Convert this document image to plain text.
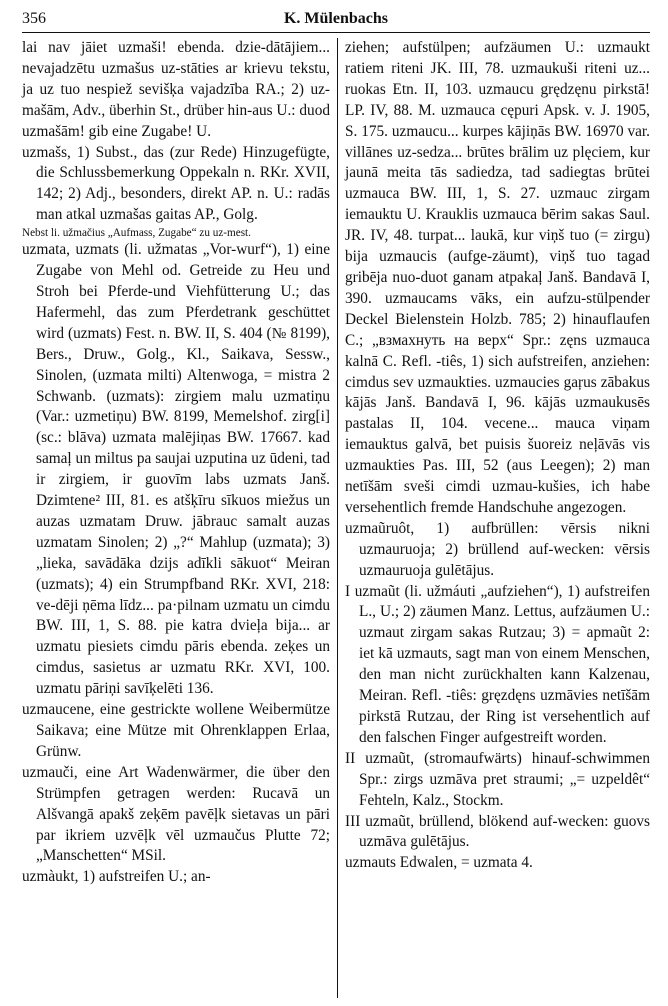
356	K. Mülenbachs

lai nav jāiet uzmaši! ebenda. dzie-dātājiem... nevajadzētu uzmašus uz-stāties ar krievu tekstu, ja uz tuo nespiež sevišķa vajadzība RA.; 2) uz-mašām, Adv., überhin St., drüber hin-aus U.: duod uzmašām! gib eine Zugabe! U.

uzmašs, 1) Subst., das (zur Rede) Hinzugefügte, die Schlussbemerkung Oppekaln n. RKr. XVII, 142; 2) Adj., besonders, direkt AP. n. U.: radās man atkal uzmašas gaitas AP., Golg.

Nebst li. užmačius „Aufmass, Zugabe“ zu uz-mest.

uzmata, uzmats (li. užmatas „Vor-wurf“), 1) eine Zugabe von Mehl od. Getreide zu Heu und Stroh bei Pferde-und Viehfütterung U.; das Hafermehl, das zum Pferdetrank geschüttet wird (uzmats) Fest. n. BW. II, S. 404 (№ 8199), Bers., Druw., Golg., Kl., Saikava, Sessw., Sinolen, (uzmata milti) Altenwoga, = mistra 2 Schwanb. (uzmats): zirgiem malu uzmatiņu (Var.: uzmetiņu) BW. 8199, Memelshof. zirg[i] (sc.: blāva) uzmata malējiņas BW. 17667. kad samaļ un miltus pa saujai uzputina uz ūdeni, tad ir zirgiem, ir guovīm labs uzmats Janš. Dzimtene² III, 81. es atšķīru sīkuos miežus un auzas uzmatam Druw. jābrauc samalt auzas uzmatam Sinolen; 2) „?“ Mahlup (uzmata); 3) „lieka, savādāka dzijs adīkli sākuot“ Meiran (uzmats); 4) ein Strumpfband RKr. XVI, 218: ve-dēji ņēma līdz... pa·pilnam uzmatu un cimdu BW. III, 1, S. 88. pie katra dvieļa bija... ar uzmatu piesiets cimdu pāris ebenda. zeķes un cimdus, sasietus ar uzmatu RKr. XVI, 100. uzmatu pāriņi savīķelēti 136.

uzmaucene, eine gestrickte wollene Weibermütze Saikava; eine Mütze mit Ohrenklappen Erlaa, Grünw.

uzmauči, eine Art Wadenwärmer, die über den Strümpfen getragen werden: Rucavā un Alšvangā apakš zeķēm pavēļk sietavas un pāri par ikriem uzvēļk vēl uzmaučus Plutte 72; „Manschetten“ MSil.

uzmàukt, 1) aufstreifen U.; an-

ziehen; aufstülpen; aufzäumen U.: uzmaukt ratiem riteni JK. III, 78. uzmaukuši riteni uz... ruokas Etn. II, 103. uzmaucu grędzęnu pirkstā! LP. IV, 88. M. uzmauca cępuri Apsk. v. J. 1905, S. 175. uzmaucu... kurpes kājiņās BW. 16970 var. villānes uz-sedza... brūtes brālim uz plęciem, kur jaunā meita tās sadiedza, tad sadiegtas brūtei uzmauca BW. III, 1, S. 27. uzmauc zirgam iemauktu U. Krauklis uzmauca bērim sakas Saul. JR. IV, 48. turpat... laukā, kur viņš tuo (= zirgu) bija uzmaucis (aufge-zäumt), viņš tuo tagad gribēja nuo-duot ganam atpakaļ Janš. Bandavā I, 390. uzmaucams vāks, ein aufzu-stülpender Deckel Bielenstein Holzb. 785; 2) hinauflaufen C.; „взмахнуть на верх“ Spr.: zęns uzmauca kalnā C. Refl. -tiês, 1) sich aufstreifen, anziehen: cimdus sev uzmaukties. uzmaucies gaŗus zābakus kājās Janš. Bandavā I, 96. kājās uzmaukusēs pastalas II, 104. vecene... mauca viņam iemauktus galvā, bet puisis šuoreiz neļāvās vis uzmaukties Pas. III, 52 (aus Leegen); 2) man netīšām sveši cimdi uzmau-kušies, ich habe versehentlich fremde Handschuhe angezogen.

uzmaũruôt, 1) aufbrüllen: vērsis nikni uzmauruoja; 2) brüllend auf-wecken: vērsis uzmauruoja gulētājus.

I uzmaũt (li. užmáuti „aufziehen“), 1) aufstreifen L., U.; 2) zäumen Manz. Lettus, aufzäumen U.: uzmaut zirgam sakas Rutzau; 3) = apmaũt 2: iet kā uzmauts, sagt man von einem Menschen, den man nicht zurückhalten kann Kalzenau, Meiran. Refl. -tiês: gręzdęns uzmāvies netīšām pirkstā Rutzau, der Ring ist versehentlich auf den falschen Finger aufgestreift worden.

II uzmaũt, (stromaufwärts) hinauf-schwimmen Spr.: zirgs uzmāva pret straumi; „= uzpeldêt“ Fehteln, Kalz., Stockm.

III uzmaũt, brüllend, blökend auf-wecken: guovs uzmāva gulētājus.

uzmauts Edwalen, = uzmata 4.
